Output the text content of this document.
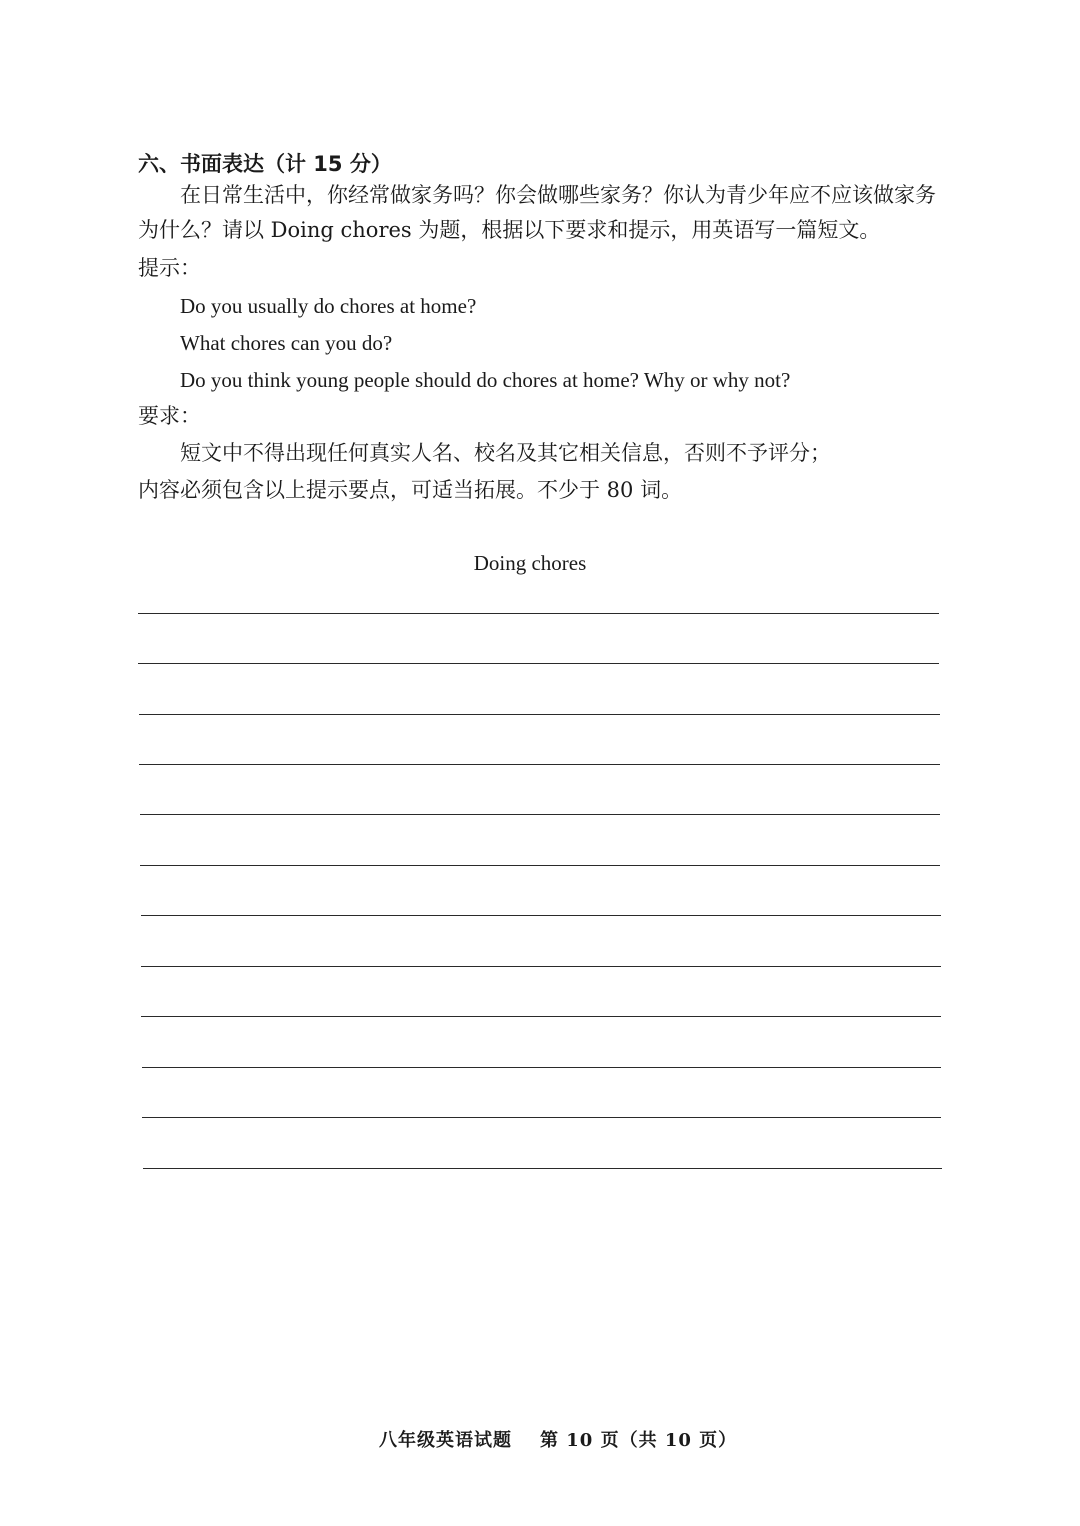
六、书面表达（计 15 分）
在日常生活中，你经常做家务吗？你会做哪些家务？你认为青少年应不应该做家务
为什么？请以 Doing chores 为题，根据以下要求和提示，用英语写一篇短文。
提示：
Do you usually do chores at home?
What chores can you do?
Do you think young people should do chores at home? Why or why not?
要求：
短文中不得出现任何真实人名、校名及其它相关信息，否则不予评分；
内容必须包含以上提示要点，可适当拓展。不少于 80 词。
Doing chores
八年级英语试题 第 10 页（共 10 页）
